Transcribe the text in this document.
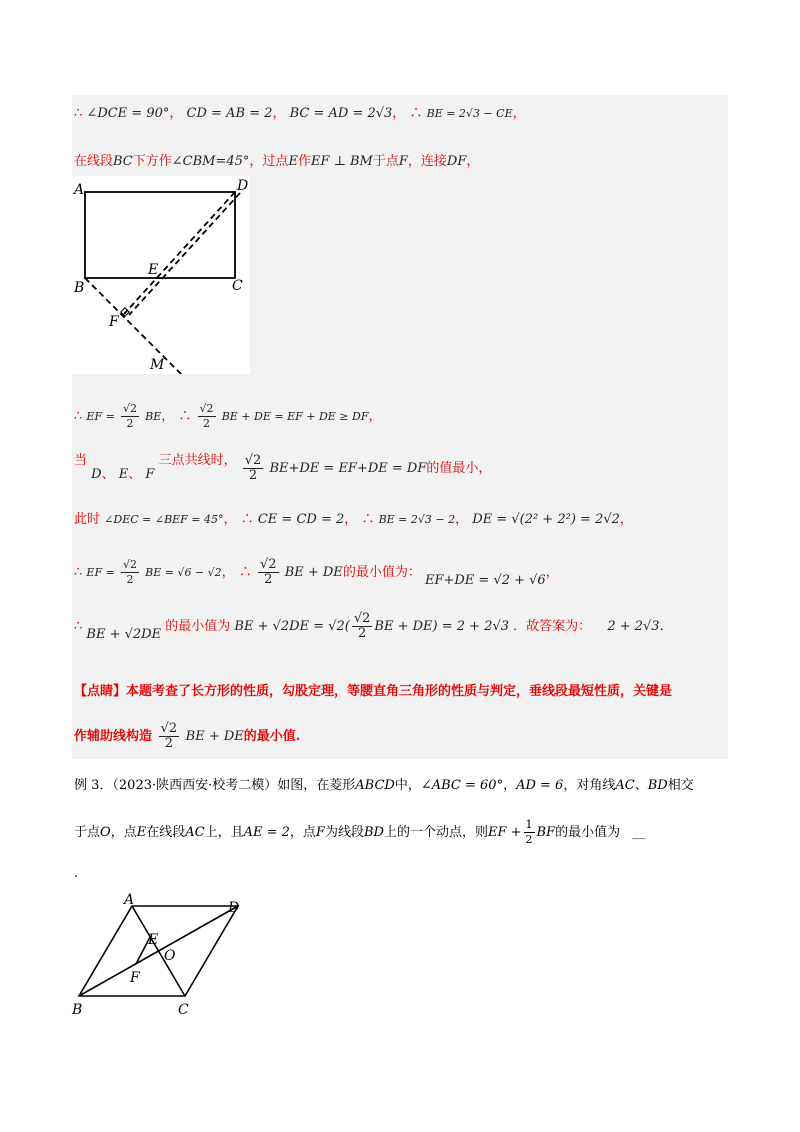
∴ ∠DCE = 90°， CD = AB = 2， BC = AD = 2√3， ∴ BE = 2√3 − CE，
在线段BC下方作∠CBM=45°，过点E作EF ⊥ BM于点F，连接DF，
A	D
B	C
E
F
M
∴ EF = $\frac{√2}{2}$ BE， ∴ $\frac{√2}{2}$ BE + DE = EF + DE ≥ DF，
当 D、 E、 F 三点共线时， $\frac{√2}{2} BE+DE = EF+DE$ = DF的值最小，
此时 ∠DEC = ∠BEF = 45°， ∴ CE = CD = 2， ∴ BE = 2√3 − 2， DE = √(2² + 2²) = 2√2，
∴ EF = $\frac{√2}{2}$ BE = √6 − √2， ∴ $\frac{√2}{2}$ BE + DE的最小值为： EF+DE = √2 + √6，
∴ BE + √2DE 的最小值为 BE + $√2DE = √2( \frac{√2}{2}$ BE + DE) = 2 + 2√3 ．故答案为： 2 + 2√3．
【点睛】本题考查了长方形的性质，勾股定理，等腰直角三角形的性质与判定，垂线段最短性质，关键是
作辅助线构造 $\frac{√2}{2}$ BE + DE的最小值.
例 3．（2023·陕西西安·校考二模）如图，在菱形ABCD中，∠ABC = 60°，AD = 6，对角线AC、BD相交
于点O，点E在线段AC上，且AE = 2，点F为线段BD上的一个动点，则EF + $\frac{1}{2}$ BF的最小值为 __
.
A	D
B	C
E
O
F
